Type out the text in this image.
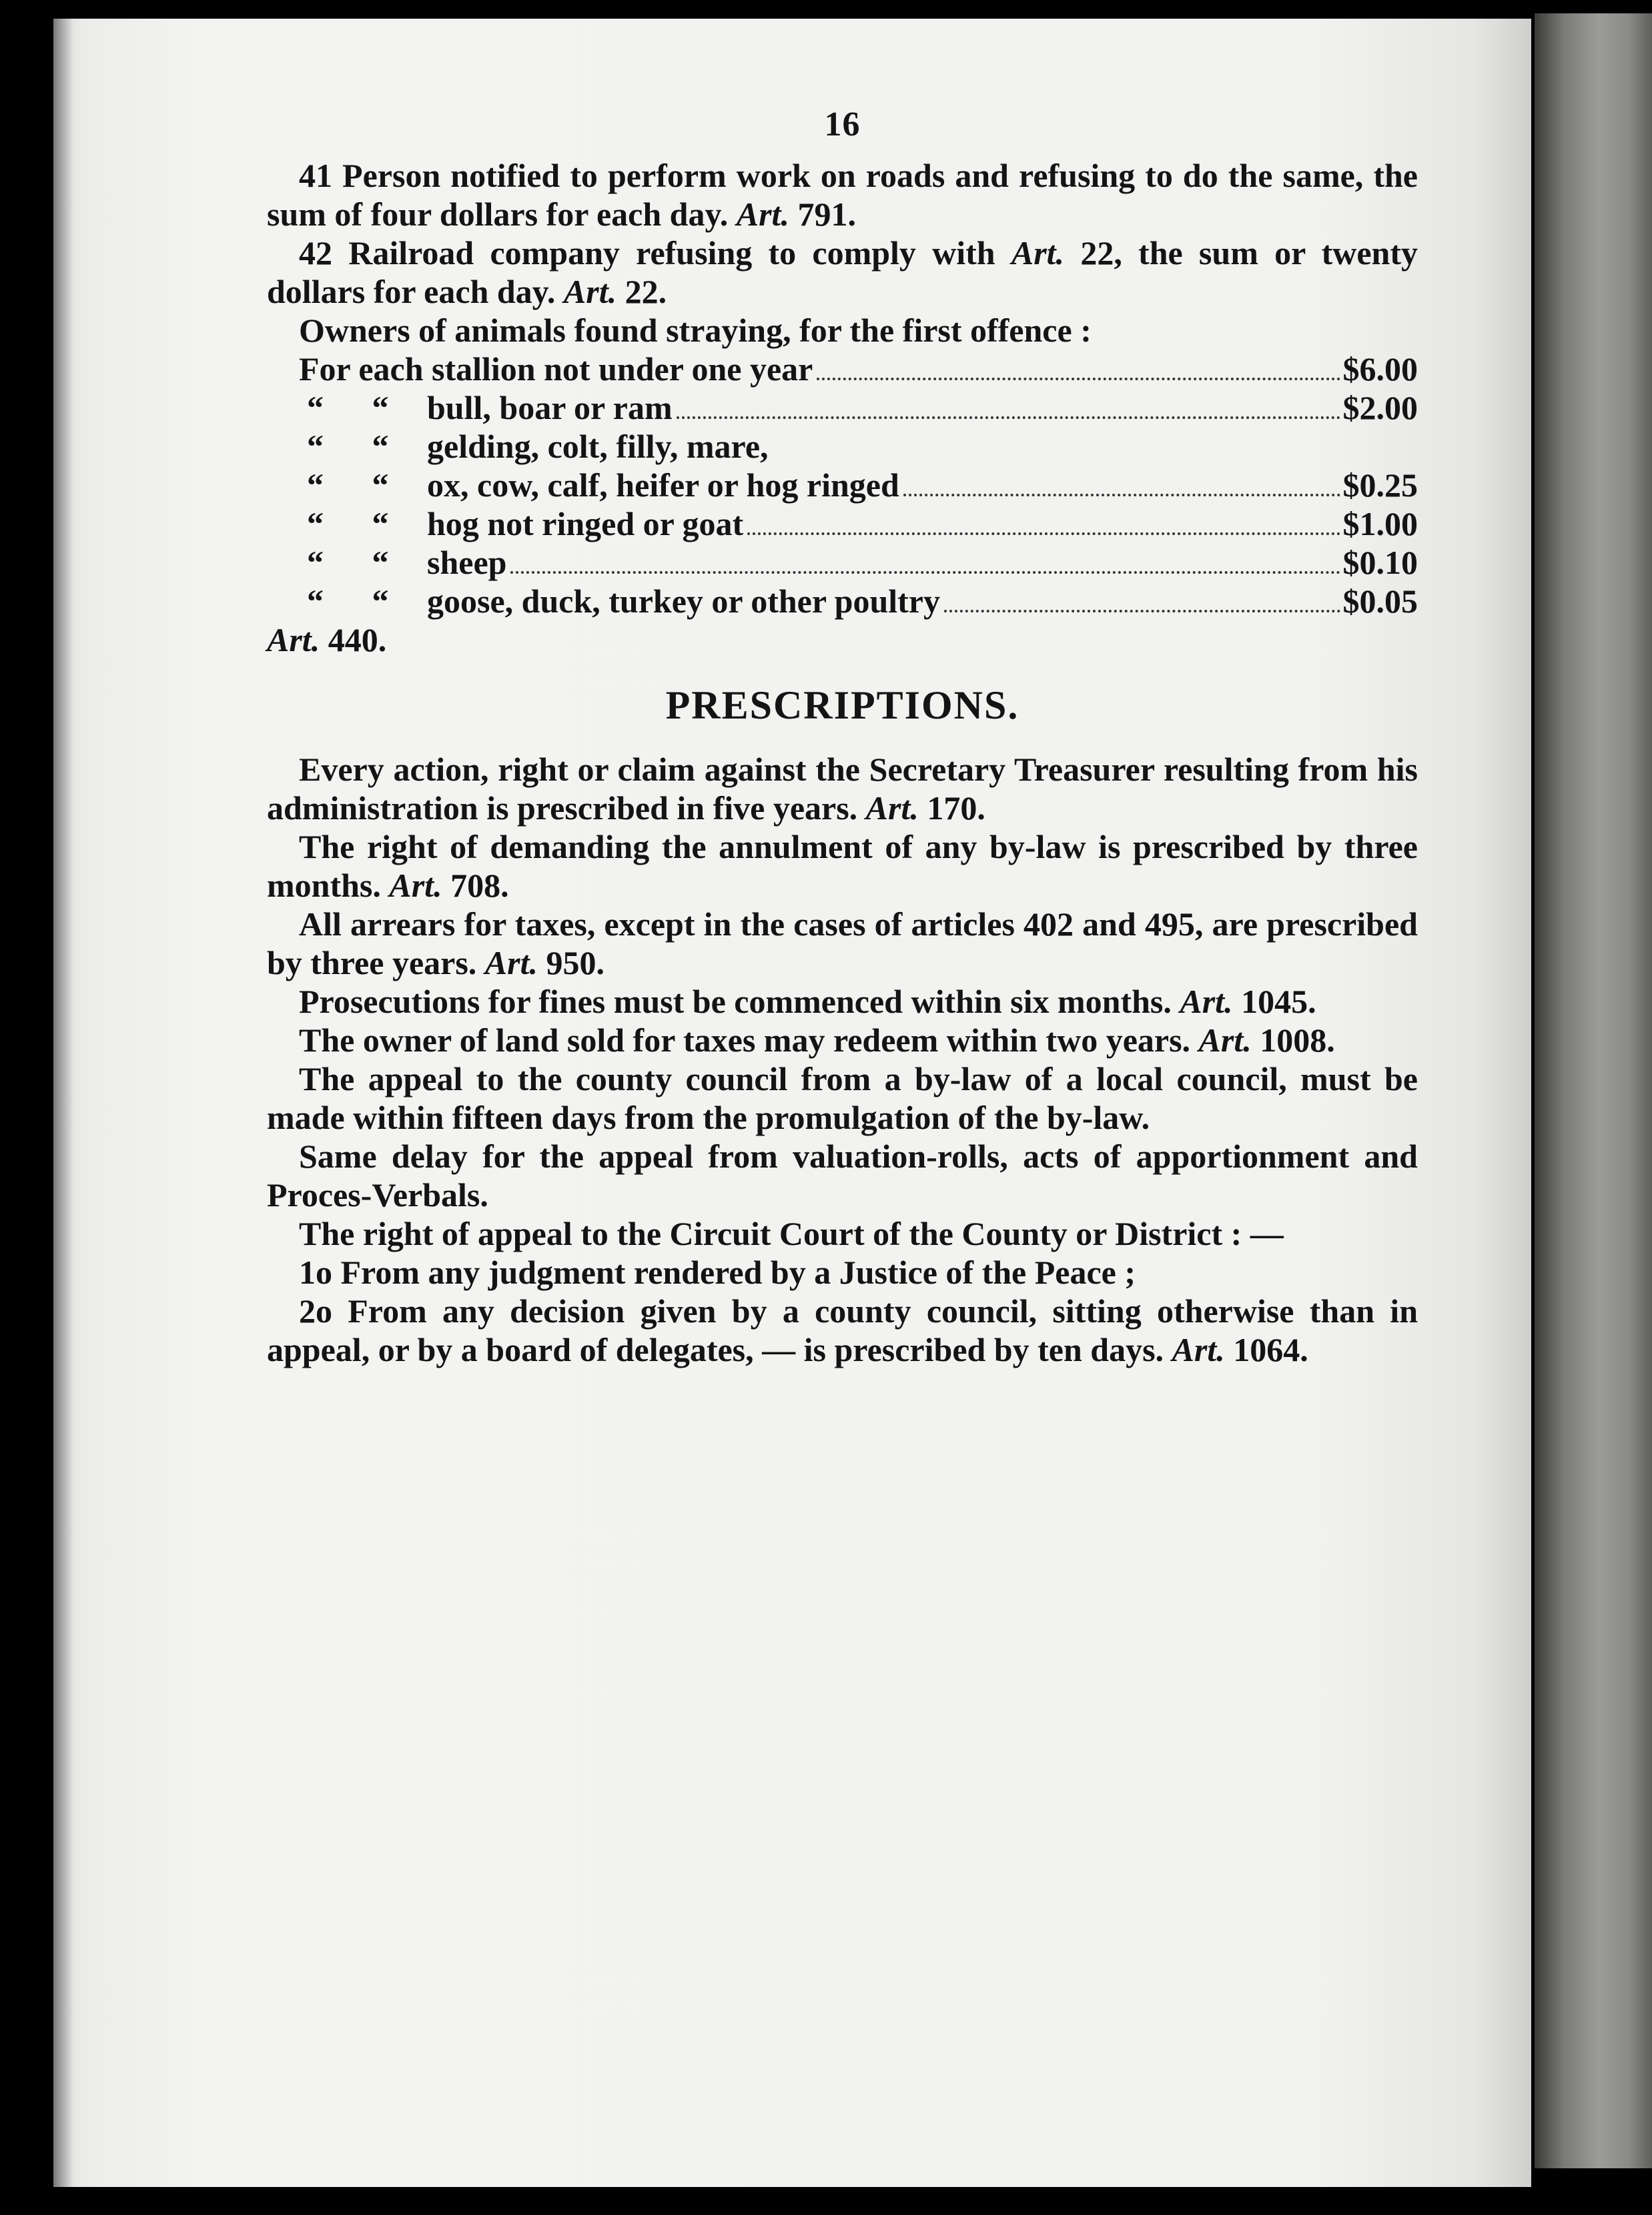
16

41 Person notified to perform work on roads and refusing to do the same, the sum of four dollars for each day. Art. 791.

42 Railroad company refusing to comply with Art. 22, the sum or twenty dollars for each day. Art. 22.

Owners of animals found straying, for the first offence :

For each stallion not under one year	$6.00
“ “ bull, boar or ram	$2.00
“ “ gelding, colt, filly, mare,
“ “ ox, cow, calf, heifer or hog ringed	$0.25
“ “ hog not ringed or goat	$1.00
“ “ sheep	$0.10
“ “ goose, duck, turkey or other poultry	$0.05

Art. 440.

PRESCRIPTIONS.

Every action, right or claim against the Secretary Treasurer resulting from his administration is prescribed in five years. Art. 170.

The right of demanding the annulment of any by-law is prescribed by three months. Art. 708.

All arrears for taxes, except in the cases of articles 402 and 495, are prescribed by three years. Art. 950.

Prosecutions for fines must be commenced within six months. Art. 1045.

The owner of land sold for taxes may redeem within two years. Art. 1008.

The appeal to the county council from a by-law of a local council, must be made within fifteen days from the promulgation of the by-law.

Same delay for the appeal from valuation-rolls, acts of apportionment and Proces-Verbals.

The right of appeal to the Circuit Court of the County or District : —

1o From any judgment rendered by a Justice of the Peace ;

2o From any decision given by a county council, sitting otherwise than in appeal, or by a board of delegates, — is prescribed by ten days. Art. 1064.
